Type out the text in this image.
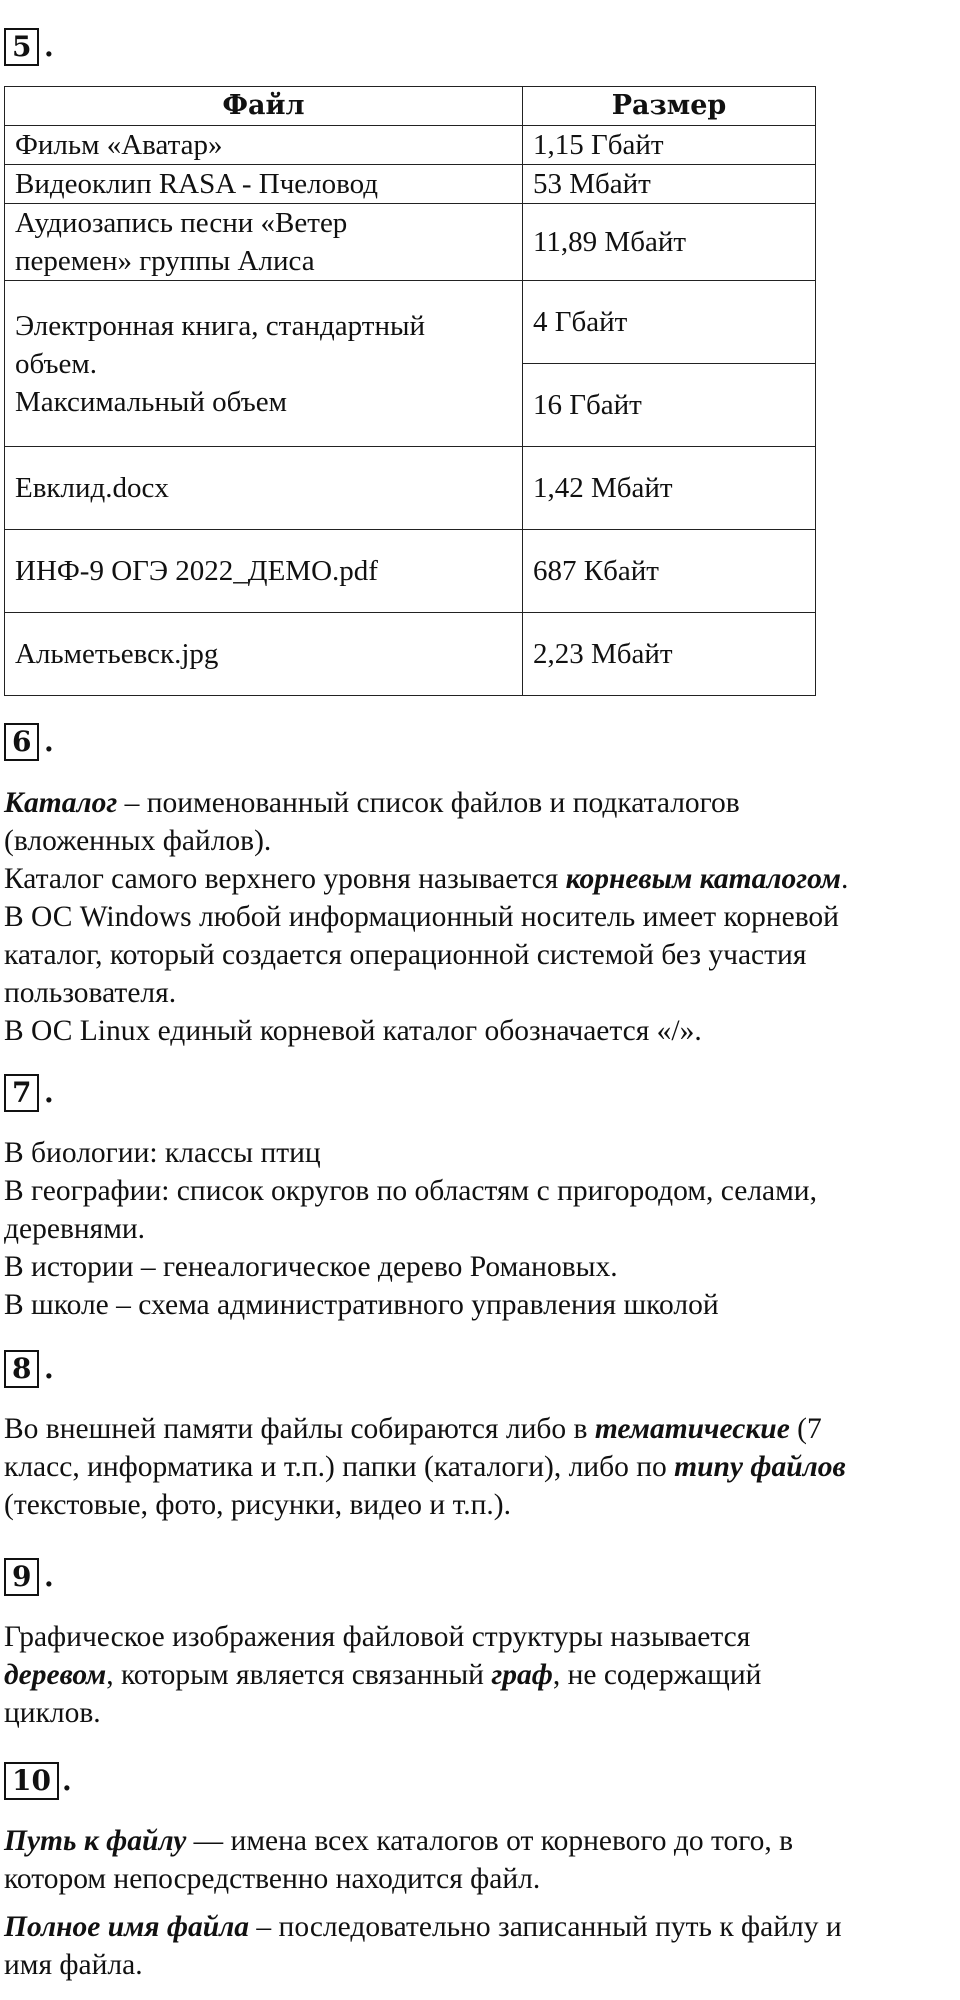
5 .
Файл	Размер
Фильм «Аватар»	1,15 Гбайт
Видеоклип RASA - Пчеловод	53 Мбайт

Аудиозапись песни «Ветер
перемен» группы Алиса	11,89 Мбайт

Электронная книга, стандартный
объем.
Максимальный объем	4 Гбайт
	16 Гбайт
Евклид.docx	1,42 Мбайт
ИНФ-9 ОГЭ 2022_ДЕМО.pdf	687 Кбайт
Альметьевск.jpg	2,23 Мбайт
6 .
Каталог – поименованный список файлов и подкаталогов
(вложенных файлов).
Каталог самого верхнего уровня называется корневым каталогом.
В ОС Windows любой информационный носитель имеет корневой
каталог, который создается операционной системой без участия
пользователя.
В ОС Linux единый корневой каталог обозначается «/».
7 .
В биологии: классы птиц
В географии: список округов по областям с пригородом, селами,
деревнями.
В истории – генеалогическое дерево Романовых.
В школе – схема административного управления школой
8 .
Во внешней памяти файлы собираются либо в тематические (7
класс, информатика и т.п.) папки (каталоги), либо по типу файлов
(текстовые, фото, рисунки, видео и т.п.).
9 .
Графическое изображения файловой структуры называется
деревом, которым является связанный граф, не содержащий
циклов.
10 .
Путь к файлу — имена всех каталогов от корневого до того, в
котором непосредственно находится файл.
Полное имя файла – последовательно записанный путь к файлу и
имя файла.
